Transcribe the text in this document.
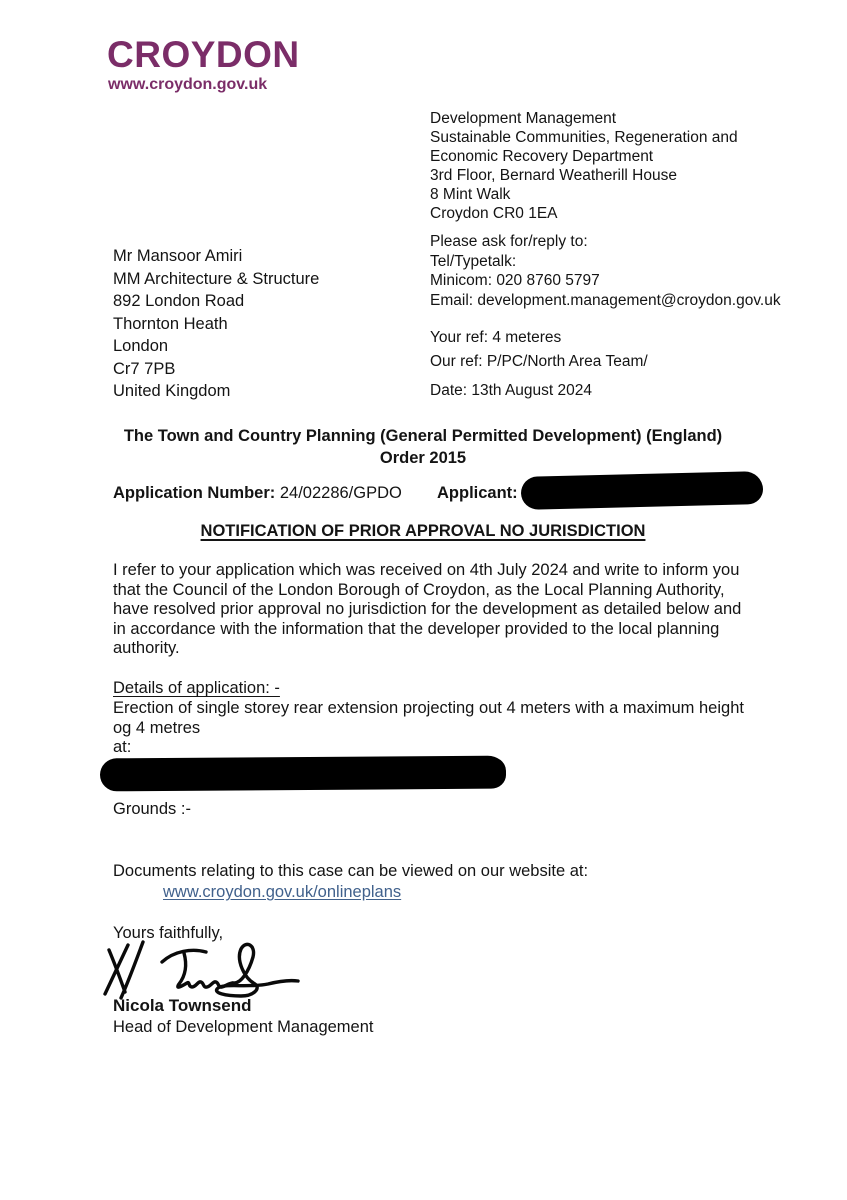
CROYDON
www.croydon.gov.uk
Development Management
Sustainable Communities, Regeneration and
Economic Recovery Department
3rd Floor, Bernard Weatherill House
8 Mint Walk
Croydon CR0 1EA
Mr Mansoor Amiri
MM Architecture & Structure
892 London Road
Thornton Heath
London
Cr7 7PB
United Kingdom
Please ask for/reply to:
Tel/Typetalk:
Minicom: 020 8760 5797
Email: development.management@croydon.gov.uk
Your ref: 4 meteres
Our ref: P/PC/North Area Team/
Date: 13th August 2024
The Town and Country Planning (General Permitted Development) (England)
Order 2015
Application Number: 24/02286/GPDO Applicant:
NOTIFICATION OF PRIOR APPROVAL NO JURISDICTION
I refer to your application which was received on 4th July 2024 and write to inform you that the Council of the London Borough of Croydon, as the Local Planning Authority, have resolved prior approval no jurisdiction for the development as detailed below and in accordance with the information that the developer provided to the local planning authority.
Details of application: -
Erection of single storey rear extension projecting out 4 meters with a maximum height og 4 metres
at:
Grounds :-
Documents relating to this case can be viewed on our website at:
www.croydon.gov.uk/onlineplans
Yours faithfully,
Nicola Townsend
Head of Development Management
